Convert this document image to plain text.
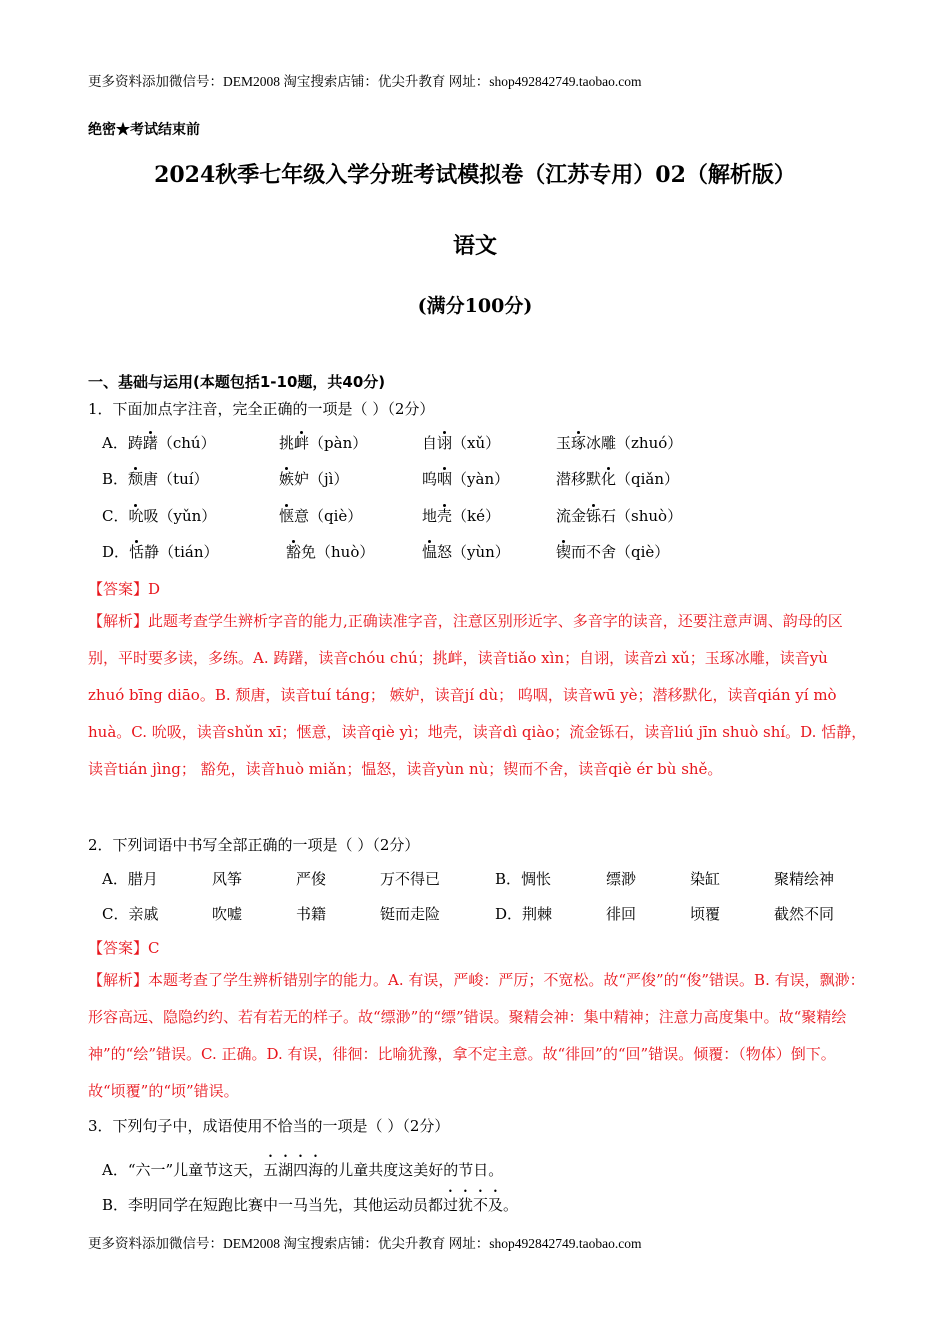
更多资料添加微信号：DEM2008 淘宝搜索店铺：优尖升教育 网址：shop492842749.taobao.com
绝密★考试结束前
2024秋季七年级入学分班考试模拟卷（江苏专用）02（解析版）
语文
(满分100分)
一、基础与运用(本题包括1-10题，共40分)
1．下面加点字注音，完全正确的一项是（ ）（2分）
A．踌躇（chú）	挑衅（pàn）	自诩（xǔ）	玉琢冰雕（zhuó）
B．颓唐（tuí）	嫉妒（jì）	呜咽（yàn）	潜移默化（qiǎn）
C．吮吸（yǔn）	惬意（qiè）	地壳（ké）	流金铄石（shuò）
D．恬静（tián）	豁免（huò）	愠怒（yùn）	锲而不舍（qiè）
【答案】D
【解析】此题考查学生辨析字音的能力,正确读准字音，注意区别形近字、多音字的读音，还要注意声调、韵母的区别，平时要多读，多练。A. 踌躇，读音chóu chú；挑衅，读音tiǎo xìn；自诩，读音zì xǔ；玉琢冰雕，读音yù zhuó bīng diāo。B. 颓唐，读音tuí táng； 嫉妒，读音jí dù； 呜咽，读音wū yè；潜移默化，读音qián yí mò huà。C. 吮吸，读音shǔn xī；惬意，读音qiè yì；地壳，读音dì qiào；流金铄石，读音liú jīn shuò shí。D. 恬静，读音tián jìng； 豁免，读音huò miǎn；愠怒，读音yùn nù；锲而不舍，读音qiè ér bù shě。
2．下列词语中书写全部正确的一项是（ ）（2分）
A．腊月	风筝	严俊	万不得已	B．惆怅	缥渺	染缸	聚精绘神
C．亲戚	吹嘘	书籍	铤而走险	D．荆棘	徘回	顷覆	截然不同
【答案】C
【解析】本题考查了学生辨析错别字的能力。A. 有误，严峻：严厉；不宽松。故“严俊”的“俊”错误。B. 有误，飘渺：形容高远、隐隐约约、若有若无的样子。故“缥渺”的“缥”错误。聚精会神：集中精神；注意力高度集中。故“聚精绘神”的“绘”错误。C. 正确。D. 有误，徘徊：比喻犹豫，拿不定主意。故“徘回”的“回”错误。倾覆：（物体）倒下。故“顷覆”的“顷”错误。
3．下列句子中，成语使用不恰当的一项是（ ）（2分）
A．“六一”儿童节这天，五湖四海的儿童共度这美好的节日。
B．李明同学在短跑比赛中一马当先，其他运动员都过犹不及。
更多资料添加微信号：DEM2008 淘宝搜索店铺：优尖升教育 网址：shop492842749.taobao.com
